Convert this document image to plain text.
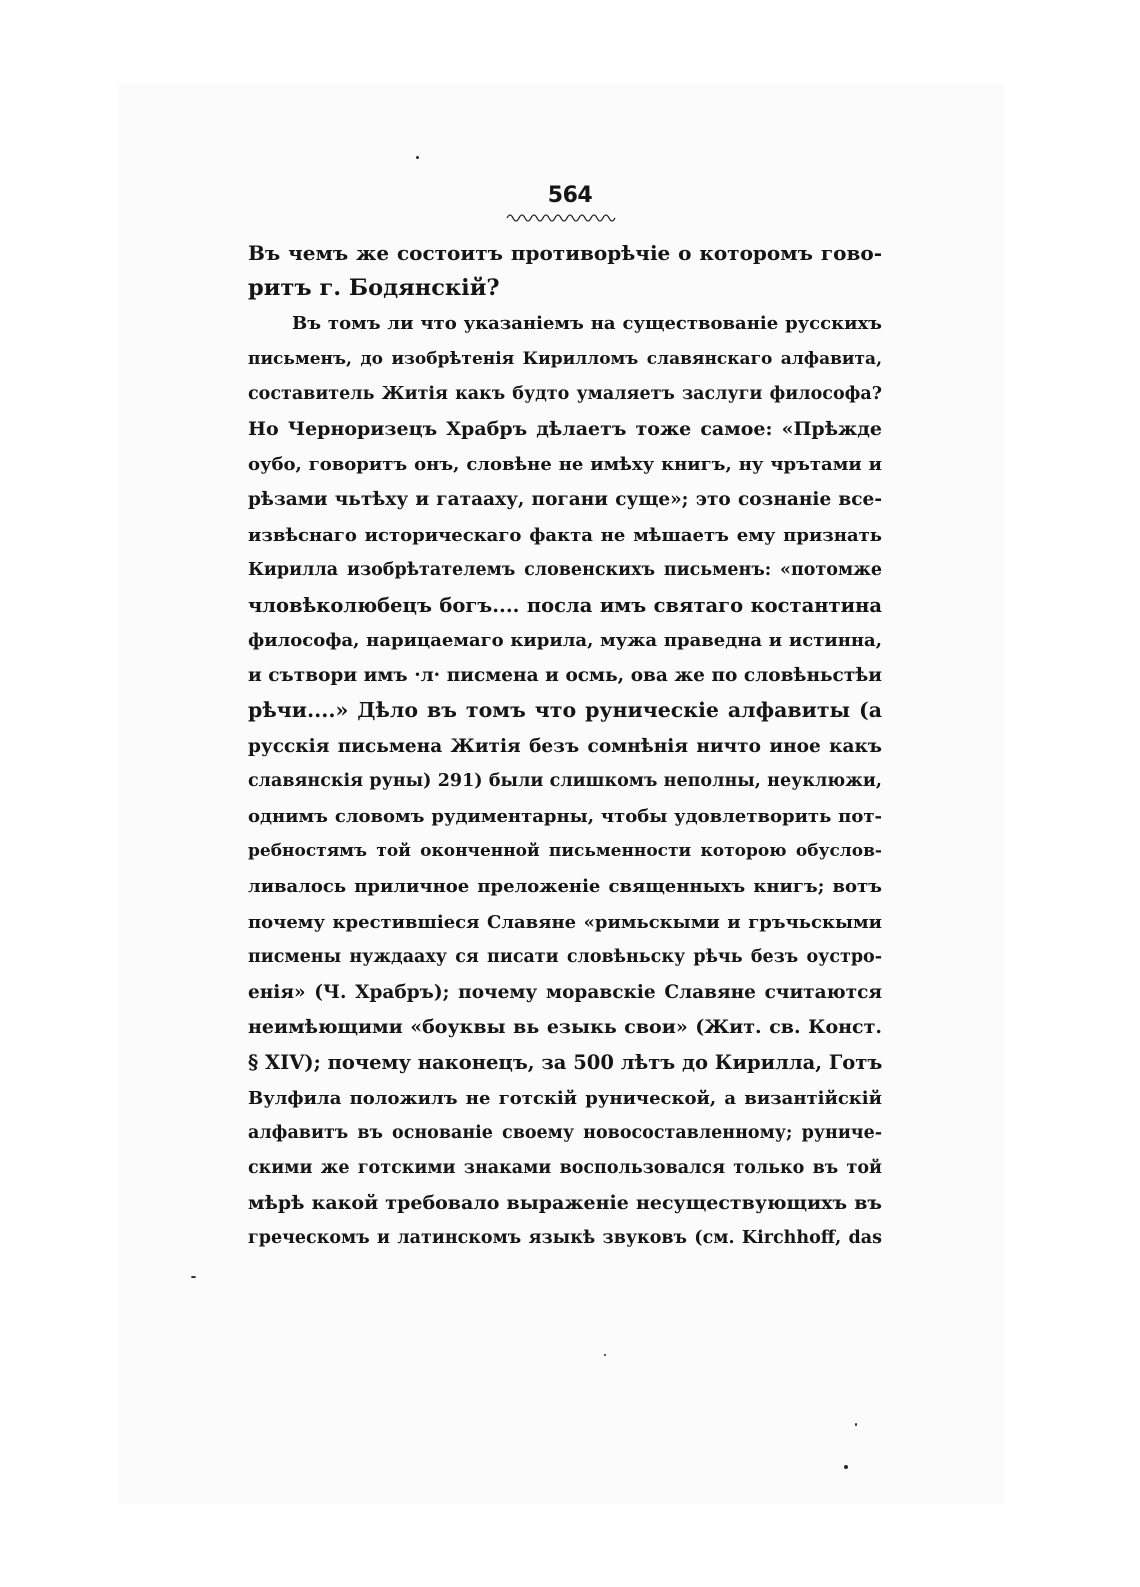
564
Въ чемъ же состоитъ противорѣчіе о которомъ гово-
ритъ г. Бодянскій?
Въ томъ ли что указаніемъ на существованіе русскихъ
письменъ, до изобрѣтенія Кирилломъ славянскаго алфавита,
составитель Житія какъ будто умаляетъ заслуги философа?
Но Черноризецъ Храбръ дѣлаетъ тоже самое: «Прѣжде
оубо, говоритъ онъ, словѣне не имѣху книгъ, ну чрътами и
рѣзами чьтѣху и гатааху, погани суще»; это сознаніе все-
извѣснаго историческаго факта не мѣшаетъ ему признать
Кирилла изобрѣтателемъ словенскихъ письменъ: «потомже
чловѣколюбецъ богъ.... посла имъ святаго костантина
философа, нарицаемаго кирила, мужа праведна и истинна,
и сътвори имъ ·л· писмена и осмь, ова же по словѣньстѣи
рѣчи....» Дѣло въ томъ что руническіе алфавиты (а
русскія письмена Житія безъ сомнѣнія ничто иное какъ
славянскія руны) 291) были слишкомъ неполны, неуклюжи,
однимъ словомъ рудиментарны, чтобы удовлетворить пот-
ребностямъ той оконченной письменности которою обуслов-
ливалось приличное преложеніе священныхъ книгъ; вотъ
почему крестившіеся Славяне «римьскыми и гръчьскыми
писмены нуждааху ся писати словѣньску рѣчь безъ оустро-
енія» (Ч. Храбръ); почему моравскіе Славяне считаются
неимѣющими «боуквы вь езыкь свои» (Жит. св. Конст.
§ XIV); почему наконецъ, за 500 лѣтъ до Кирилла, Готъ
Вулфила положилъ не готскій рунической, а византійскій
алфавитъ въ основаніе своему новосоставленному; руниче-
скими же готскими знаками воспользовался только въ той
мѣрѣ какой требовало выраженіе несуществующихъ въ
греческомъ и латинскомъ языкѣ звуковъ (см. Kirchhoff, das
